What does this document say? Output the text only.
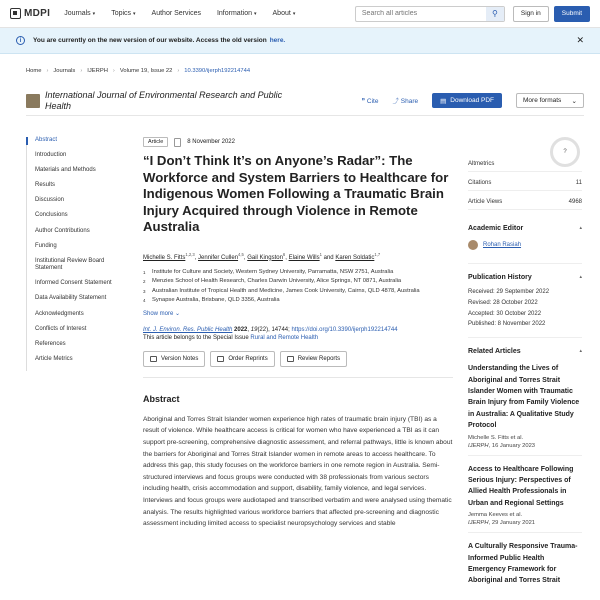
MDPI Journals ▾ Topics ▾ Author Services Information ▾ About ▾
Search all articles	⚲	Sign in	Submit
i	You are currently on the new version of our website. Access the old version here.	✕
Home › Journals › IJERPH › Volume 19, Issue 22 › 10.3390/ijerph192214744
International Journal of Environmental Research and Public Health	❞ Cite ⤴ Share	▤ Download PDF	More formats ⌄
Abstract
Introduction
Materials and Methods
Results
Discussion
Conclusions
Author Contributions
Funding
Institutional Review Board Statement
Informed Consent Statement
Data Availability Statement
Acknowledgments
Conflicts of Interest
References
Article Metrics
Article	8 November 2022
“I Don’t Think It’s on Anyone’s Radar”: The Workforce and System Barriers to Healthcare for Indigenous Women Following a Traumatic Brain Injury Acquired through Violence in Remote Australia
Michelle S. Fitts$^{1,2,3}$, Jennifer Cullen$^{4,5}$, Gail Kingston$^6$, Elaine Wills$^1$ and Karen Soldatic$^{1,7}$
1	Institute for Culture and Society, Western Sydney University, Parramatta, NSW 2751, Australia
2	Menzies School of Health Research, Charles Darwin University, Alice Springs, NT 0871, Australia
3	Australian Institute of Tropical Health and Medicine, James Cook University, Cairns, QLD 4878, Australia
4	Synapse Australia, Brisbane, QLD 3356, Australia
Show more ⌄
Int. J. Environ. Res. Public Health 2022, 19(22), 14744; https://doi.org/10.3390/ijerph192214744
This article belongs to the Special Issue Rural and Remote Health
Version Notes	Order Reprints	Review Reports
Abstract

Aboriginal and Torres Strait Islander women experience high rates of traumatic brain injury (TBI) as a result of violence. While healthcare access is critical for women who have experienced a TBI as it can support pre-screening, comprehensive diagnostic assessment, and referral pathways, little is known about the barriers for Aboriginal and Torres Strait Islander women in remote areas to access healthcare. To address this gap, this study focuses on the workforce barriers in one remote region in Australia. Semi-structured interviews and focus groups were conducted with 38 professionals from various sectors including health, crisis accommodation and support, disability, family violence, and legal services. Interviews and focus groups were audiotaped and transcribed verbatim and were analysed using thematic analysis. The results highlighted various workforce barriers that affected pre-screening and diagnostic assessment including limited access to specialist neuropsychology services and stable

?
Altmetrics
Citations	11
Article Views	4968
Academic Editor	▴
Rohan Rasiah
Publication History	▴
Received: 29 September 2022
Revised: 28 October 2022
Accepted: 30 October 2022
Published: 8 November 2022
Related Articles	▴
Understanding the Lives of Aboriginal and Torres Strait Islander Women with Traumatic Brain Injury from Family Violence in Australia: A Qualitative Study Protocol
Michelle S. Fitts et al.
IJERPH, 16 January 2023
Access to Healthcare Following Serious Injury: Perspectives of Allied Health Professionals in Urban and Regional Settings
Jemma Keeves et al.
IJERPH, 29 January 2021
A Culturally Responsive Trauma-Informed Public Health Emergency Framework for Aboriginal and Torres Strait
